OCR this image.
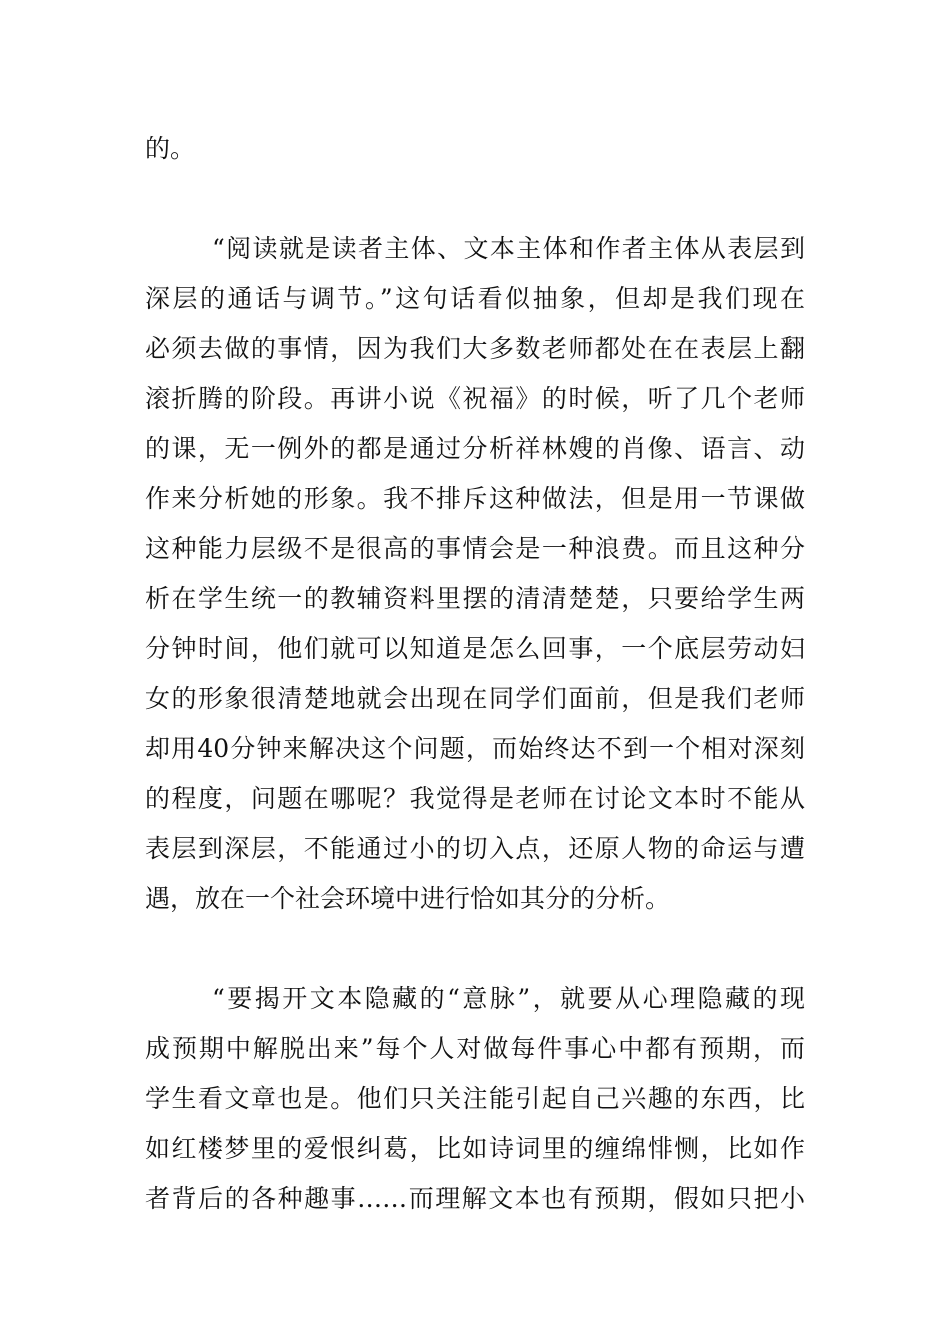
的。
“阅读就是读者主体、文本主体和作者主体从表层到
深层的通话与调节。”这句话看似抽象，但却是我们现在
必须去做的事情，因为我们大多数老师都处在在表层上翻
滚折腾的阶段。再讲小说《祝福》的时候，听了几个老师
的课，无一例外的都是通过分析祥林嫂的肖像、语言、动
作来分析她的形象。我不排斥这种做法，但是用一节课做
这种能力层级不是很高的事情会是一种浪费。而且这种分
析在学生统一的教辅资料里摆的清清楚楚，只要给学生两
分钟时间，他们就可以知道是怎么回事，一个底层劳动妇
女的形象很清楚地就会出现在同学们面前，但是我们老师
却用40分钟来解决这个问题，而始终达不到一个相对深刻
的程度，问题在哪呢？我觉得是老师在讨论文本时不能从
表层到深层，不能通过小的切入点，还原人物的命运与遭
遇，放在一个社会环境中进行恰如其分的分析。
“要揭开文本隐藏的“意脉”，就要从心理隐藏的现
成预期中解脱出来”每个人对做每件事心中都有预期，而
学生看文章也是。他们只关注能引起自己兴趣的东西，比
如红楼梦里的爱恨纠葛，比如诗词里的缠绵悱恻，比如作
者背后的各种趣事……而理解文本也有预期，假如只把小
